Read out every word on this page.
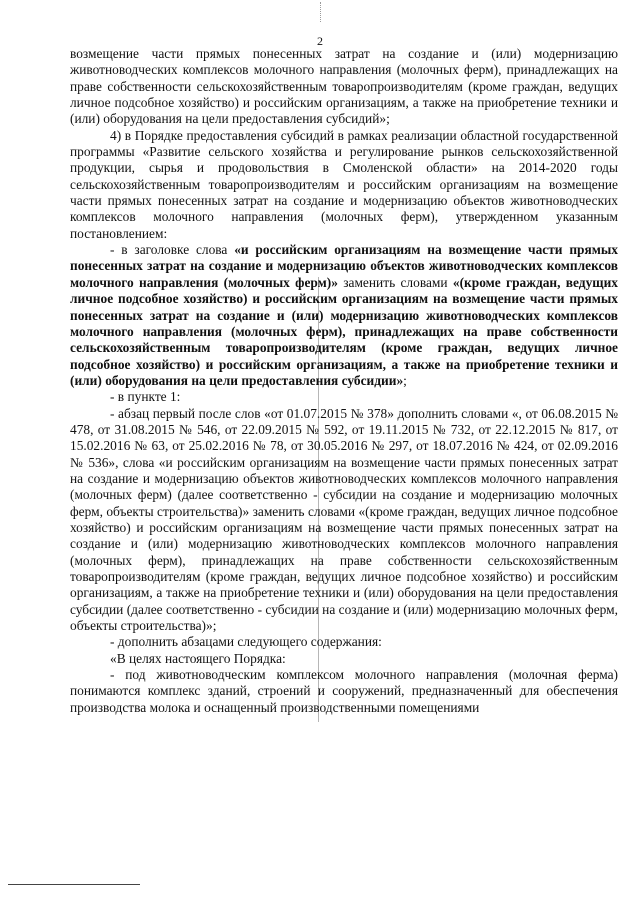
2

возмещение части прямых понесенных затрат на создание и (или) модернизацию животноводческих комплексов молочного направления (молочных ферм), принадлежащих на праве собственности сельскохозяйственным товаропроизводителям (кроме граждан, ведущих личное подсобное хозяйство) и российским организациям, а также на приобретение техники и (или) оборудования на цели предоставления субсидий»;

4) в Порядке предоставления субсидий в рамках реализации областной государственной программы «Развитие сельского хозяйства и регулирование рынков сельскохозяйственной продукции, сырья и продовольствия в Смоленской области» на 2014-2020 годы сельскохозяйственным товаропроизводителям и российским организациям на возмещение части прямых понесенных затрат на создание и модернизацию объектов животноводческих комплексов молочного направления (молочных ферм), утвержденном указанным постановлением:

- в заголовке слова «и российским организациям на возмещение части прямых понесенных затрат на создание и модернизацию объектов животноводческих комплексов молочного направления (молочных ферм)» заменить словами «(кроме граждан, ведущих личное подсобное хозяйство) и российским организациям на возмещение части прямых понесенных затрат на создание и (или) модернизацию животноводческих комплексов молочного направления (молочных ферм), принадлежащих на праве собственности сельскохозяйственным товаропроизводителям (кроме граждан, ведущих личное подсобное хозяйство) и российским организациям, а также на приобретение техники и (или) оборудования на цели предоставления субсидии»;

- в пункте 1:

- абзац первый после слов «от 01.07.2015 № 378» дополнить словами «, от 06.08.2015 № 478, от 31.08.2015 № 546, от 22.09.2015 № 592, от 19.11.2015 № 732, от 22.12.2015 № 817, от 15.02.2016 № 63, от 25.02.2016 № 78, от 30.05.2016 № 297, от 18.07.2016 № 424, от 02.09.2016 № 536», слова «и российским организациям на возмещение части прямых понесенных затрат на создание и модернизацию объектов животноводческих комплексов молочного направления (молочных ферм) (далее соответственно - субсидии на создание и модернизацию молочных ферм, объекты строительства)» заменить словами «(кроме граждан, ведущих личное подсобное хозяйство) и российским организациям на возмещение части прямых понесенных затрат на создание и (или) модернизацию животноводческих комплексов молочного направления (молочных ферм), принадлежащих на праве собственности сельскохозяйственным товаропроизводителям (кроме граждан, ведущих личное подсобное хозяйство) и российским организациям, а также на приобретение техники и (или) оборудования на цели предоставления субсидии (далее соответственно - субсидии на создание и (или) модернизацию молочных ферм, объекты строительства)»;

- дополнить абзацами следующего содержания:

«В целях настоящего Порядка:

- под животноводческим комплексом молочного направления (молочная ферма) понимаются комплекс зданий, строений и сооружений, предназначенный для обеспечения производства молока и оснащенный производственными помещениями
